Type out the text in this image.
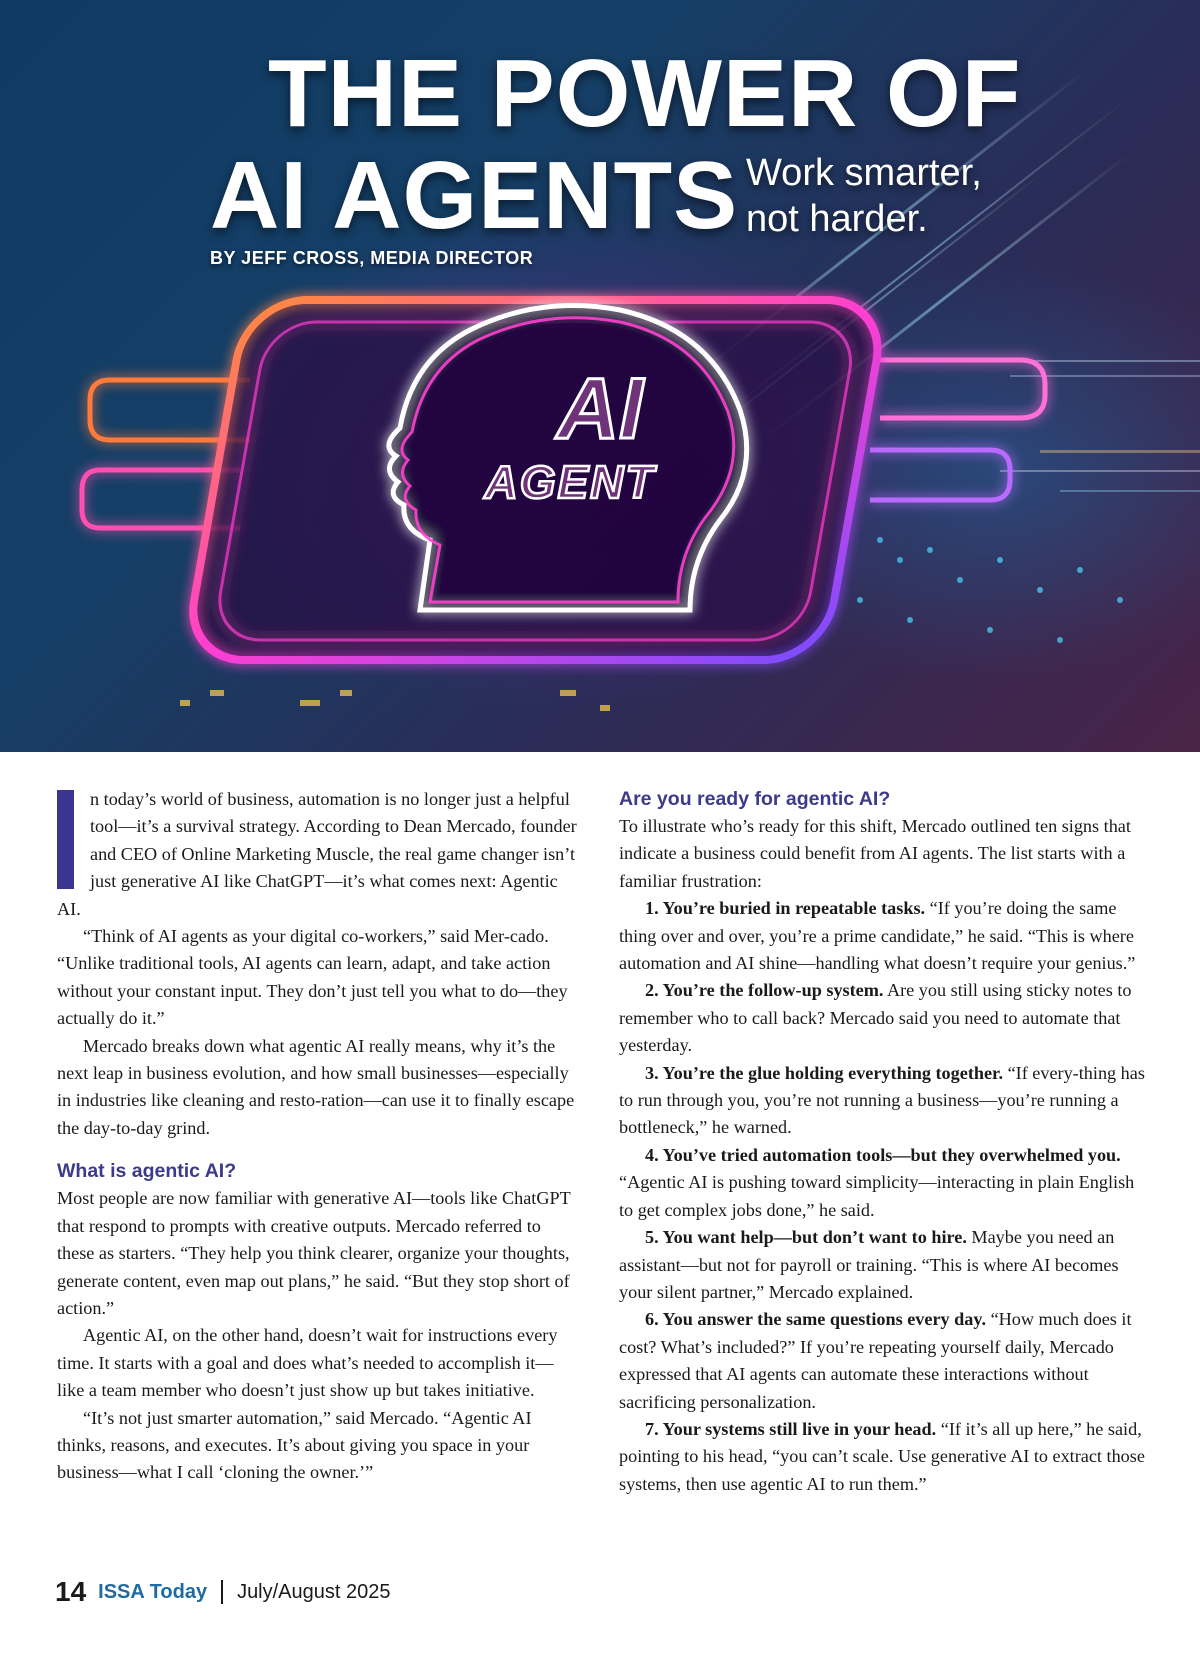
AI
AGENT
THE POWER OF
AI AGENTS Work smarter,
not harder.
BY JEFF CROSS, MEDIA DIRECTOR

n today’s world of business, automation is no longer just a helpful tool—it’s a survival strategy. According to Dean Mercado, founder and CEO of Online Marketing Muscle, the real game changer isn’t just generative AI like ChatGPT—it’s what comes next: Agentic AI.

“Think of AI agents as your digital co-workers,” said Mer-cado. “Unlike traditional tools, AI agents can learn, adapt, and take action without your constant input. They don’t just tell you what to do—they actually do it.”

Mercado breaks down what agentic AI really means, why it’s the next leap in business evolution, and how small businesses—especially in industries like cleaning and resto-ration—can use it to finally escape the day-to-day grind.

What is agentic AI?

Most people are now familiar with generative AI—tools like ChatGPT that respond to prompts with creative outputs. Mercado referred to these as starters. “They help you think clearer, organize your thoughts, generate content, even map out plans,” he said. “But they stop short of action.”

Agentic AI, on the other hand, doesn’t wait for instructions every time. It starts with a goal and does what’s needed to accomplish it—like a team member who doesn’t just show up but takes initiative.

“It’s not just smarter automation,” said Mercado. “Agentic AI thinks, reasons, and executes. It’s about giving you space in your business—what I call ‘cloning the owner.’”

Are you ready for agentic AI?

To illustrate who’s ready for this shift, Mercado outlined ten signs that indicate a business could benefit from AI agents. The list starts with a familiar frustration:

1. You’re buried in repeatable tasks. “If you’re doing the same thing over and over, you’re a prime candidate,” he said. “This is where automation and AI shine—handling what doesn’t require your genius.”

2. You’re the follow-up system. Are you still using sticky notes to remember who to call back? Mercado said you need to automate that yesterday.

3. You’re the glue holding everything together. “If every-thing has to run through you, you’re not running a business—you’re running a bottleneck,” he warned.

4. You’ve tried automation tools—but they overwhelmed you. “Agentic AI is pushing toward simplicity—interacting in plain English to get complex jobs done,” he said.

5. You want help—but don’t want to hire. Maybe you need an assistant—but not for payroll or training. “This is where AI becomes your silent partner,” Mercado explained.

6. You answer the same questions every day. “How much does it cost? What’s included?” If you’re repeating yourself daily, Mercado expressed that AI agents can automate these interactions without sacrificing personalization.

7. Your systems still live in your head. “If it’s all up here,” he said, pointing to his head, “you can’t scale. Use generative AI to extract those systems, then use agentic AI to run them.”

14 ISSA Today July/August 2025
